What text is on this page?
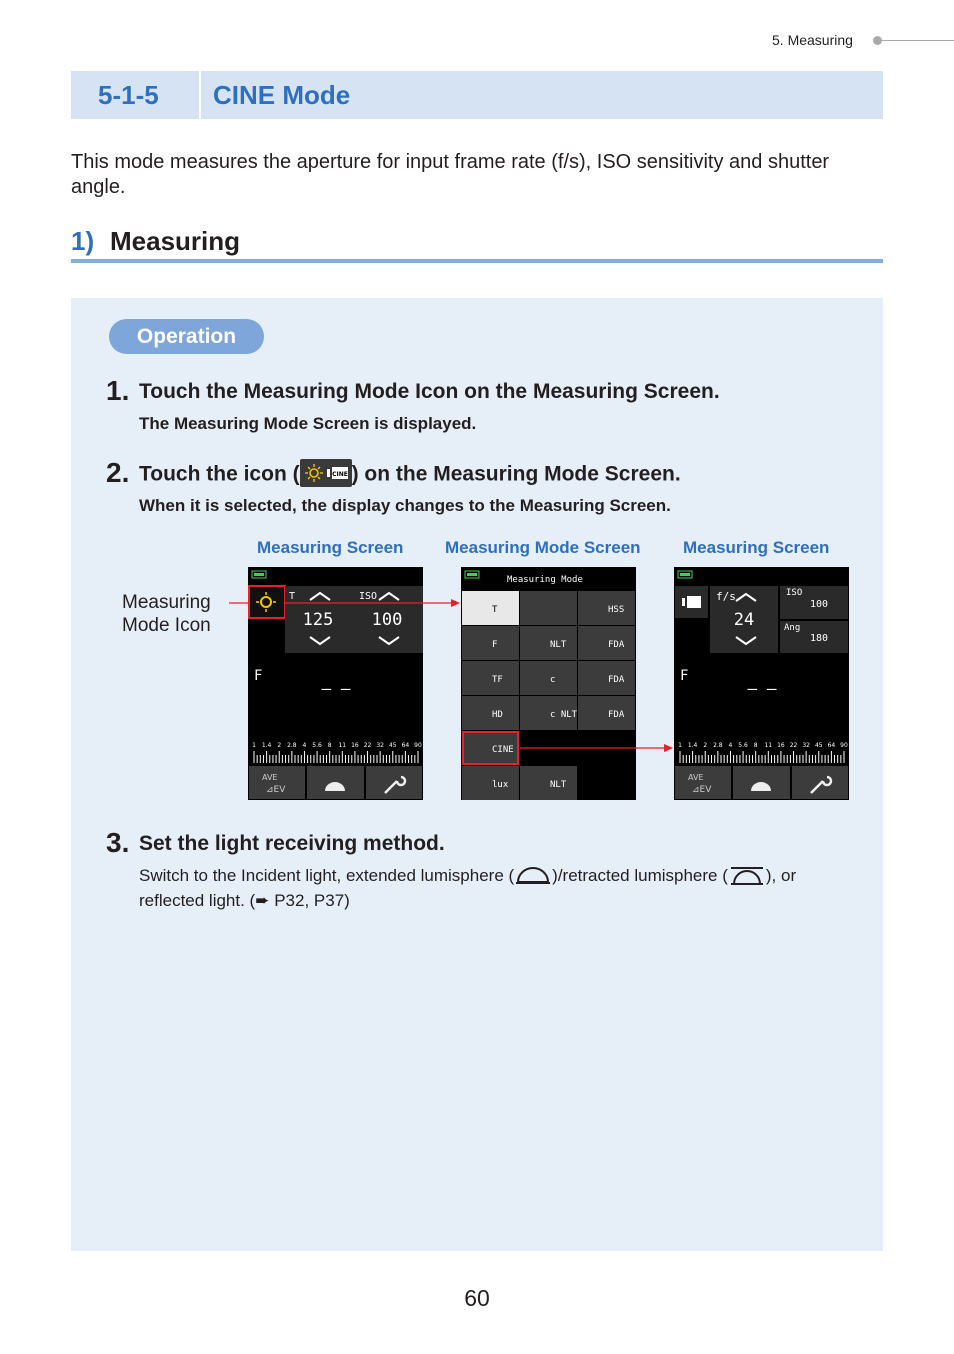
5. Measuring
5-1-5 CINE Mode
This mode measures the aperture for input frame rate (f/s), ISO sensitivity and shutter angle.
1) Measuring
Operation
1. Touch the Measuring Mode Icon on the Measuring Screen.
The Measuring Mode Screen is displayed.
2. Touch the icon (	CINE ) on the Measuring Mode Screen.
When it is selected, the display changes to the Measuring Screen.
Measuring Screen Measuring Mode Screen Measuring Screen
Measuring
Mode Icon
T
125
ISO
100
F
– –
1 1.4 2 2.8 4 5.6 8 11 16 22 32 45 64 90
AVE
⊿EV
Measuring Mode
T	HSS
F	NLT	FDA
TF	c	FDA
HD	c NLT	FDA
CINE
lux	NLT
f/s
24
ISO
100
Ang
180
F
– –
1 1.4 2 2.8 4 5.6 8 11 16 22 32 45 64 90
AVE
⊿EV
3. Set the light receiving method.
Switch to the Incident light, extended lumisphere ( )/retracted lumisphere ( ), or
reflected light. (➨ P32, P37)
60
